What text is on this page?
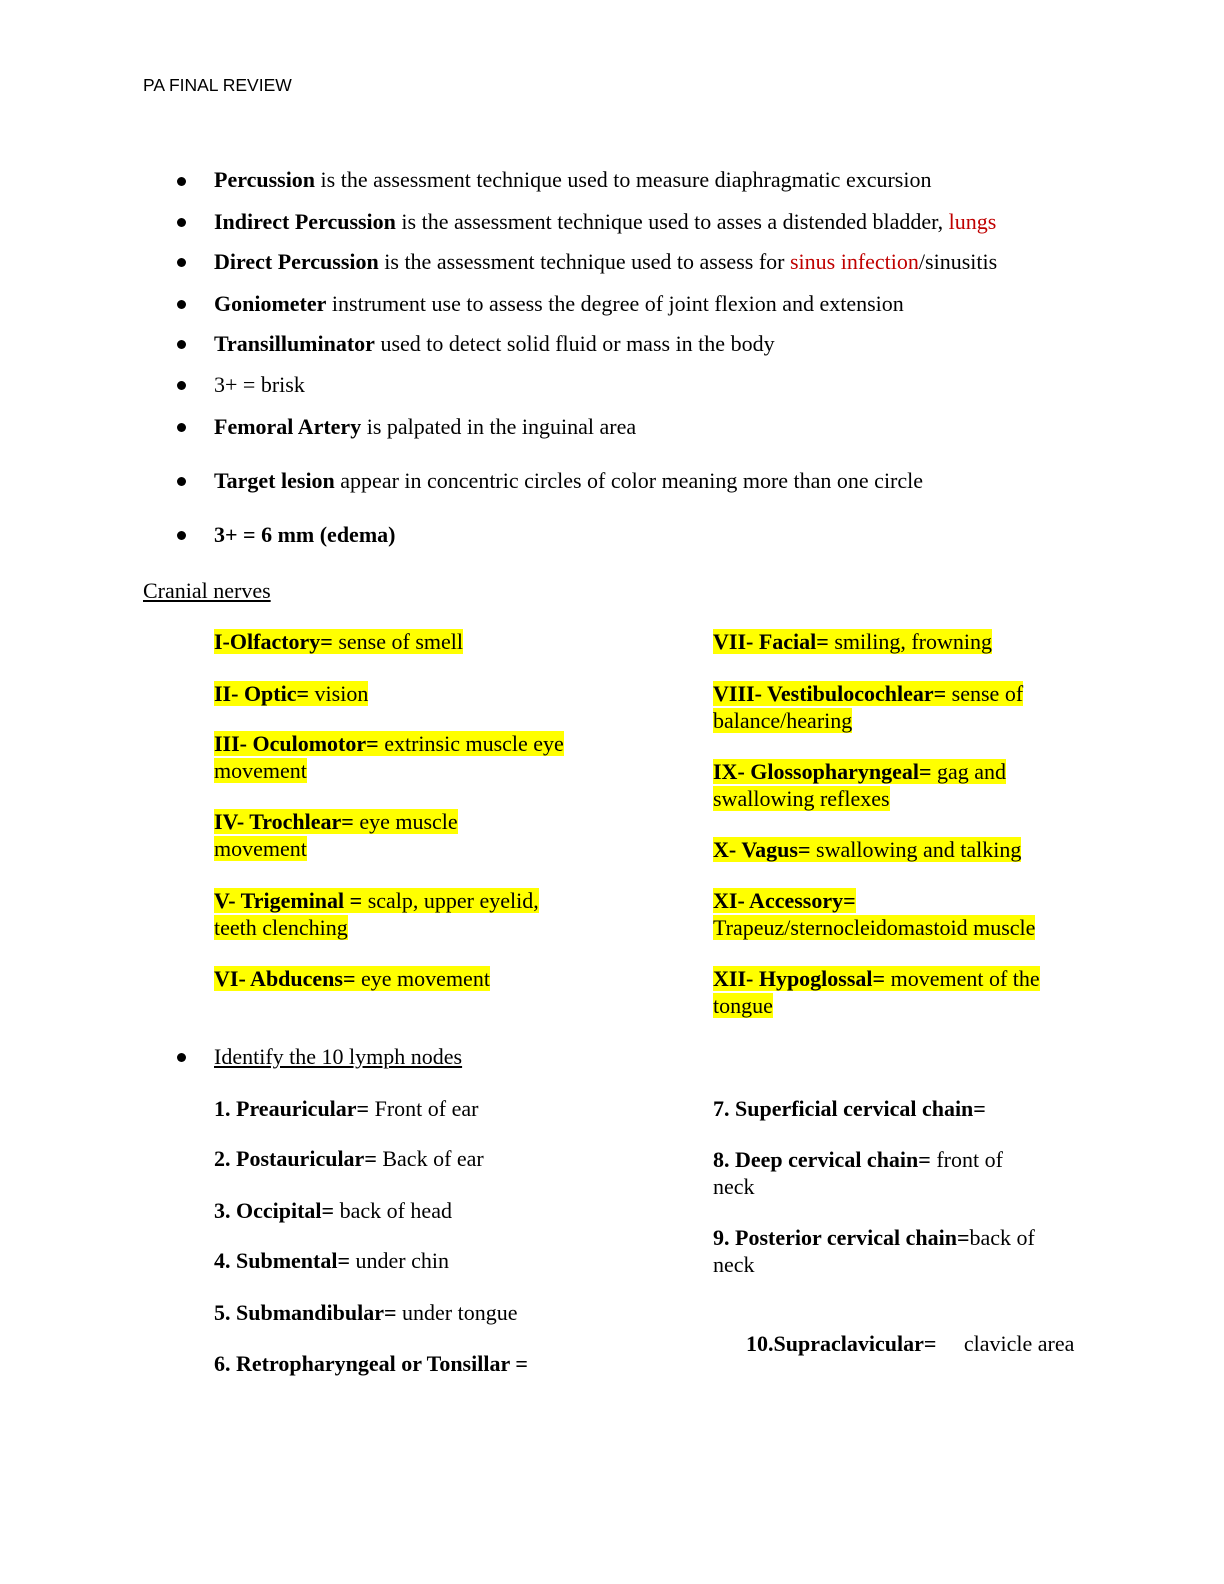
PA FINAL REVIEW
Percussion is the assessment technique used to measure diaphragmatic excursion
Indirect Percussion is the assessment technique used to asses a distended bladder, lungs
Direct Percussion is the assessment technique used to assess for sinus infection/sinusitis
Goniometer instrument use to assess the degree of joint flexion and extension
Transilluminator used to detect solid fluid or mass in the body
3+ = brisk
Femoral Artery is palpated in the inguinal area
Target lesion appear in concentric circles of color meaning more than one circle
3+ = 6 mm (edema)
Cranial nerves
I-Olfactory= sense of smell
II- Optic= vision
III- Oculomotor= extrinsic muscle eye movement
IV- Trochlear= eye muscle movement
V- Trigeminal = scalp, upper eyelid, teeth clenching
VI- Abducens= eye movement
VII- Facial= smiling, frowning
VIII- Vestibulocochlear= sense of balance/hearing
IX- Glossopharyngeal= gag and swallowing reflexes
X- Vagus= swallowing and talking
XI- Accessory= Trapeuz/sternocleidomastoid muscle
XII- Hypoglossal= movement of the tongue
Identify the 10 lymph nodes
1. Preauricular= Front of ear
2. Postauricular= Back of ear
3. Occipital= back of head
4. Submental= under chin
5. Submandibular= under tongue
6. Retropharyngeal or Tonsillar =
7. Superficial cervical chain=
8. Deep cervical chain= front of neck
9. Posterior cervical chain=back of neck

10.Supraclavicular=     clavicle area
